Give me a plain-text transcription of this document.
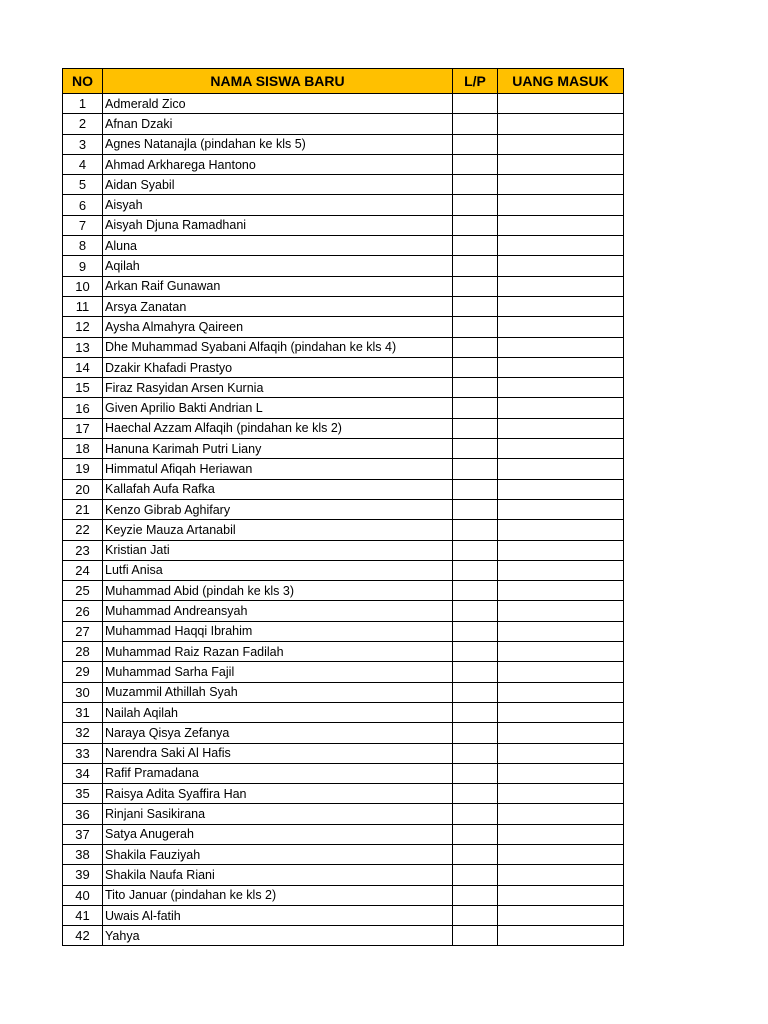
NO	NAMA SISWA BARU	L/P	UANG MASUK
1	Admerald Zico		
2	Afnan Dzaki		
3	Agnes Natanajla (pindahan ke kls 5)		
4	Ahmad Arkharega Hantono		
5	Aidan Syabil		
6	Aisyah		
7	Aisyah Djuna Ramadhani		
8	Aluna		
9	Aqilah		
10	Arkan Raif Gunawan		
11	Arsya Zanatan		
12	Aysha Almahyra Qaireen		
13	Dhe Muhammad Syabani Alfaqih (pindahan ke kls 4)		
14	Dzakir Khafadi Prastyo		
15	Firaz Rasyidan Arsen Kurnia		
16	Given Aprilio Bakti Andrian L		
17	Haechal Azzam Alfaqih (pindahan ke kls 2)		
18	Hanuna Karimah Putri Liany		
19	Himmatul Afiqah Heriawan		
20	Kallafah Aufa Rafka		
21	Kenzo Gibrab Aghifary		
22	Keyzie Mauza Artanabil		
23	Kristian Jati		
24	Lutfi Anisa		
25	Muhammad Abid (pindah ke kls 3)		
26	Muhammad Andreansyah		
27	Muhammad Haqqi Ibrahim		
28	Muhammad Raiz Razan Fadilah		
29	Muhammad Sarha Fajil		
30	Muzammil Athillah Syah		
31	Nailah Aqilah		
32	Naraya Qisya Zefanya		
33	Narendra Saki Al Hafis		
34	Rafif Pramadana		
35	Raisya Adita Syaffira Han		
36	Rinjani Sasikirana		
37	Satya Anugerah		
38	Shakila Fauziyah		
39	Shakila Naufa Riani		
40	Tito Januar (pindahan ke kls 2)		
41	Uwais Al-fatih		
42	Yahya		
